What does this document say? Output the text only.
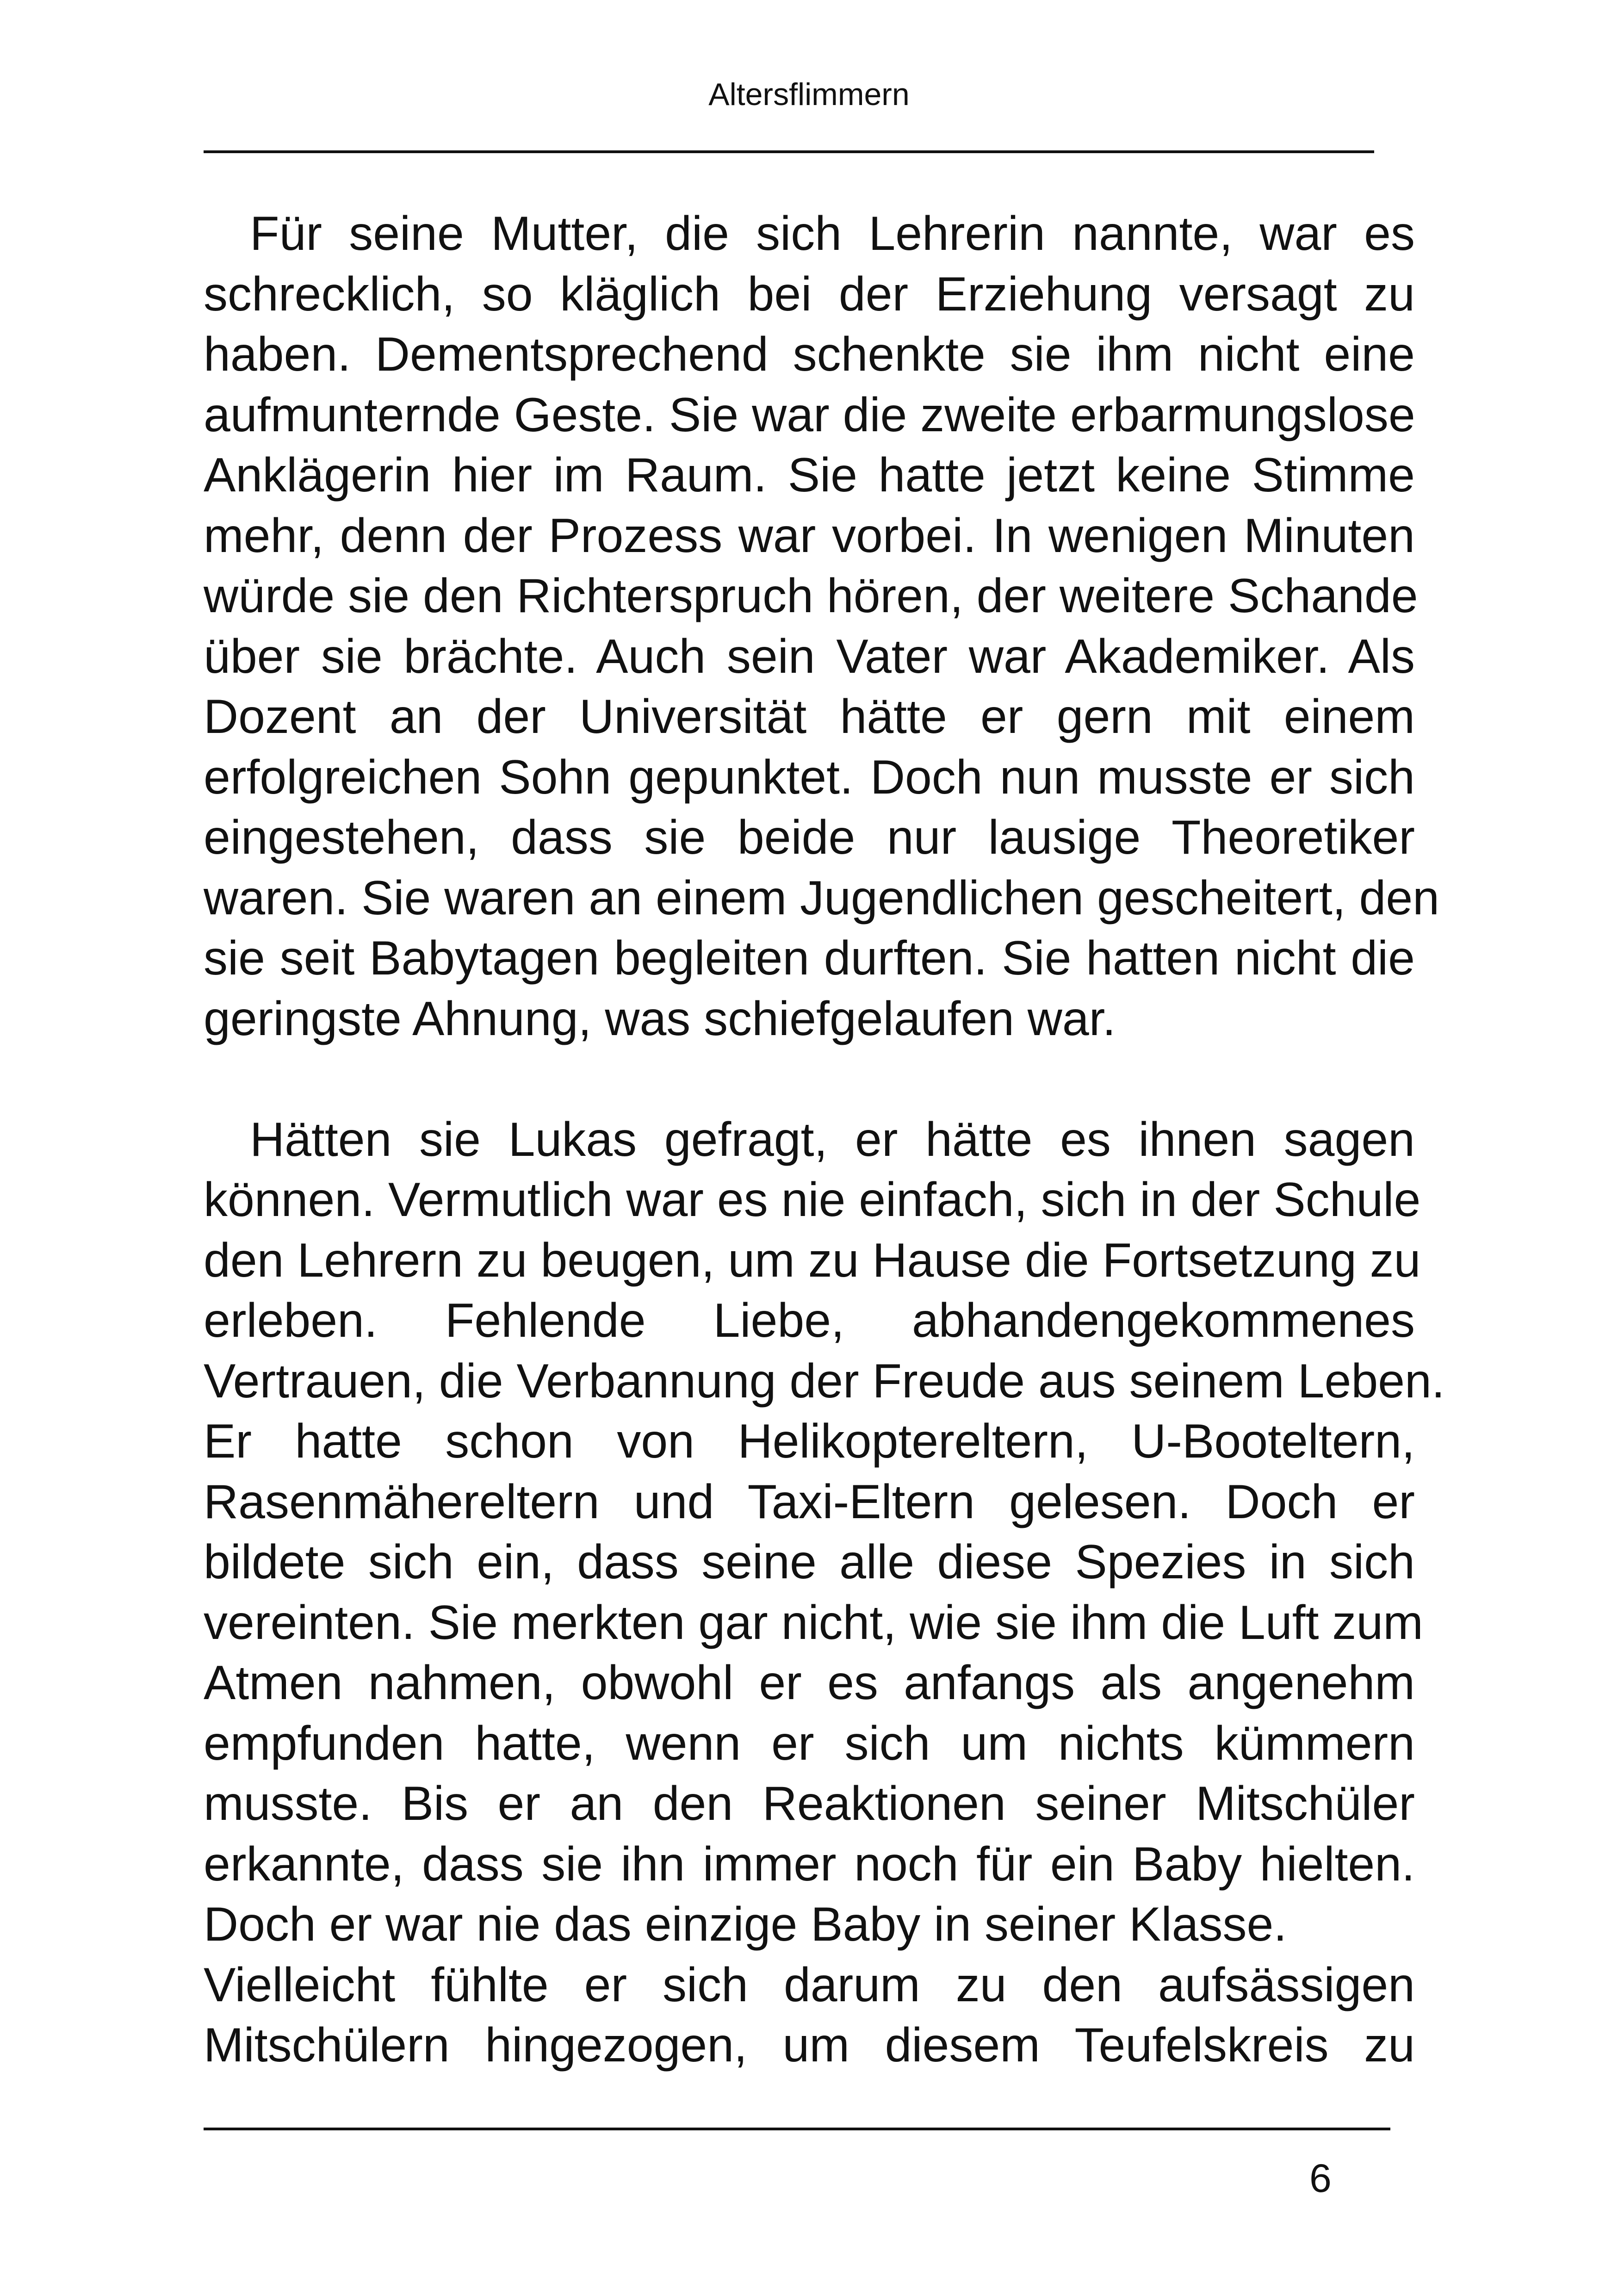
Altersflimmern
Für seine Mutter, die sich Lehrerin nannte, war es
schrecklich, so kläglich bei der Erziehung versagt zu
haben. Dementsprechend schenkte sie ihm nicht eine
aufmunternde Geste. Sie war die zweite erbarmungslose
Anklägerin hier im Raum. Sie hatte jetzt keine Stimme
mehr, denn der Prozess war vorbei. In wenigen Minuten
würde sie den Richterspruch hören, der weitere Schande
über sie brächte. Auch sein Vater war Akademiker. Als
Dozent an der Universität hätte er gern mit einem
erfolgreichen Sohn gepunktet. Doch nun musste er sich
eingestehen, dass sie beide nur lausige Theoretiker
waren. Sie waren an einem Jugendlichen gescheitert, den
sie seit Babytagen begleiten durften. Sie hatten nicht die
geringste Ahnung, was schiefgelaufen war.
Hätten sie Lukas gefragt, er hätte es ihnen sagen
können. Vermutlich war es nie einfach, sich in der Schule
den Lehrern zu beugen, um zu Hause die Fortsetzung zu
erleben. Fehlende Liebe, abhandengekommenes
Vertrauen, die Verbannung der Freude aus seinem Leben.
Er hatte schon von Helikoptereltern, U-Booteltern,
Rasenmähereltern und Taxi-Eltern gelesen. Doch er
bildete sich ein, dass seine alle diese Spezies in sich
vereinten. Sie merkten gar nicht, wie sie ihm die Luft zum
Atmen nahmen, obwohl er es anfangs als angenehm
empfunden hatte, wenn er sich um nichts kümmern
musste. Bis er an den Reaktionen seiner Mitschüler
erkannte, dass sie ihn immer noch für ein Baby hielten.
Doch er war nie das einzige Baby in seiner Klasse.
Vielleicht fühlte er sich darum zu den aufsässigen
Mitschülern hingezogen, um diesem Teufelskreis zu
6
